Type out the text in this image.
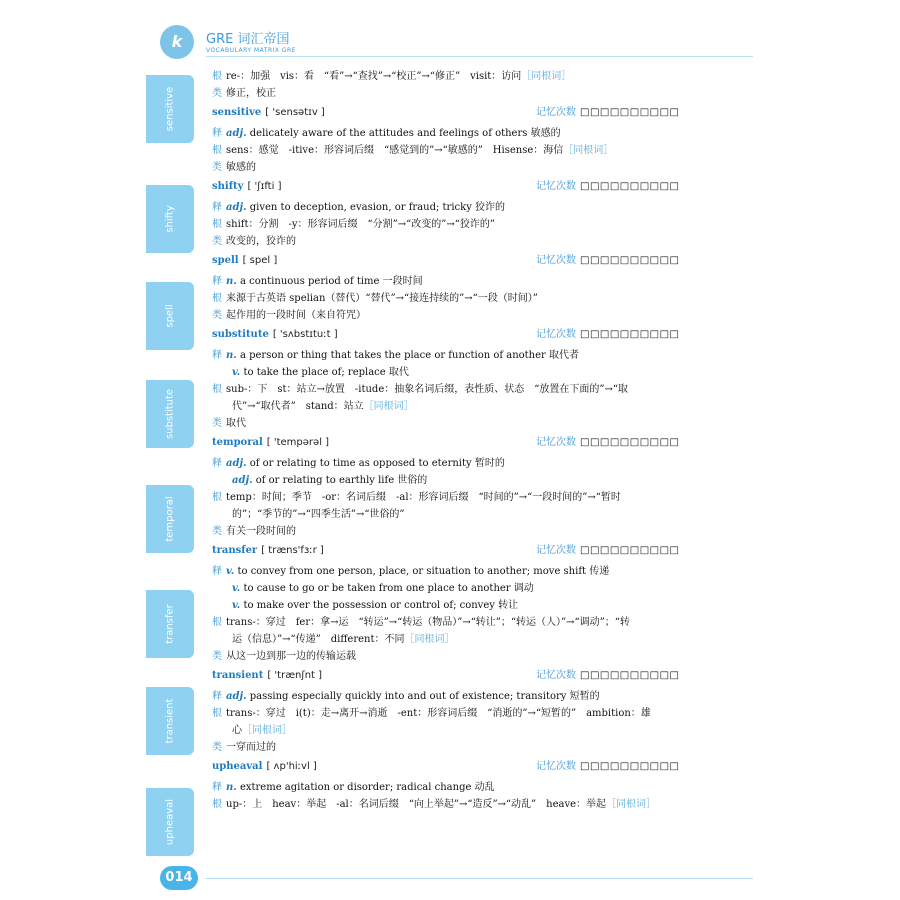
k	GRE 词汇帝国
VOCABULARY MATRIX GRE
sensitive
shifty
spell
substitute
temporal
transfer
transient
upheaval
根 re-：加强　vis：看　“看”→“查找”→“校正”→“修正”　visit：访问［同根词］
类 修正，校正
sensitive [ 'sensətɪv ]	记忆次数 □□□□□□□□□□
释 adj. delicately aware of the attitudes and feelings of others 敏感的
根 sens：感觉　-itive：形容词后缀　“感觉到的”→“敏感的”　Hisense：海信［同根词］
类 敏感的
shifty [ 'ʃɪfti ]	记忆次数 □□□□□□□□□□
释 adj. given to deception, evasion, or fraud; tricky 狡诈的
根 shift：分割　-y：形容词后缀　“分割”→“改变的”→“狡诈的”
类 改变的，狡诈的
spell [ spel ]	记忆次数 □□□□□□□□□□
释 n. a continuous period of time 一段时间
根 来源于古英语 spelian（替代）“替代”→“接连持续的”→“一段（时间）”
类 起作用的一段时间（来自符咒）
substitute [ 'sʌbstɪtuːt ]	记忆次数 □□□□□□□□□□
释 n. a person or thing that takes the place or function of another 取代者
v. to take the place of; replace 取代
根 sub-：下　st：站立→放置　-itude：抽象名词后缀，表性质、状态　“放置在下面的”→“取
代”→“取代者”　stand：站立［同根词］
类 取代
temporal [ 'tempərəl ]	记忆次数 □□□□□□□□□□
释 adj. of or relating to time as opposed to eternity 暂时的
adj. of or relating to earthly life 世俗的
根 temp：时间；季节　-or：名词后缀　-al：形容词后缀　“时间的”→“一段时间的”→“暂时
的”；“季节的”→“四季生活”→“世俗的”
类 有关一段时间的
transfer [ træns'fɜːr ]	记忆次数 □□□□□□□□□□
释 v. to convey from one person, place, or situation to another; move shift 传递
v. to cause to go or be taken from one place to another 调动
v. to make over the possession or control of; convey 转让
根 trans-：穿过　fer：拿→运　“转运”→“转运（物品）”→“转让”；“转运（人）”→“调动”；“转
运（信息）”→“传递”　different：不同［同根词］
类 从这一边到那一边的传输运载
transient [ 'trænʃnt ]	记忆次数 □□□□□□□□□□
释 adj. passing especially quickly into and out of existence; transitory 短暂的
根 trans-：穿过　i(t)：走→离开→消逝　-ent：形容词后缀　“消逝的”→“短暂的”　ambition：雄
心［同根词］
类 一穿而过的
upheaval [ ʌp'hiːvl ]	记忆次数 □□□□□□□□□□
释 n. extreme agitation or disorder; radical change 动乱
根 up-：上　heav：举起　-al：名词后缀　“向上举起”→“造反”→“动乱”　heave：举起［同根词］
014
